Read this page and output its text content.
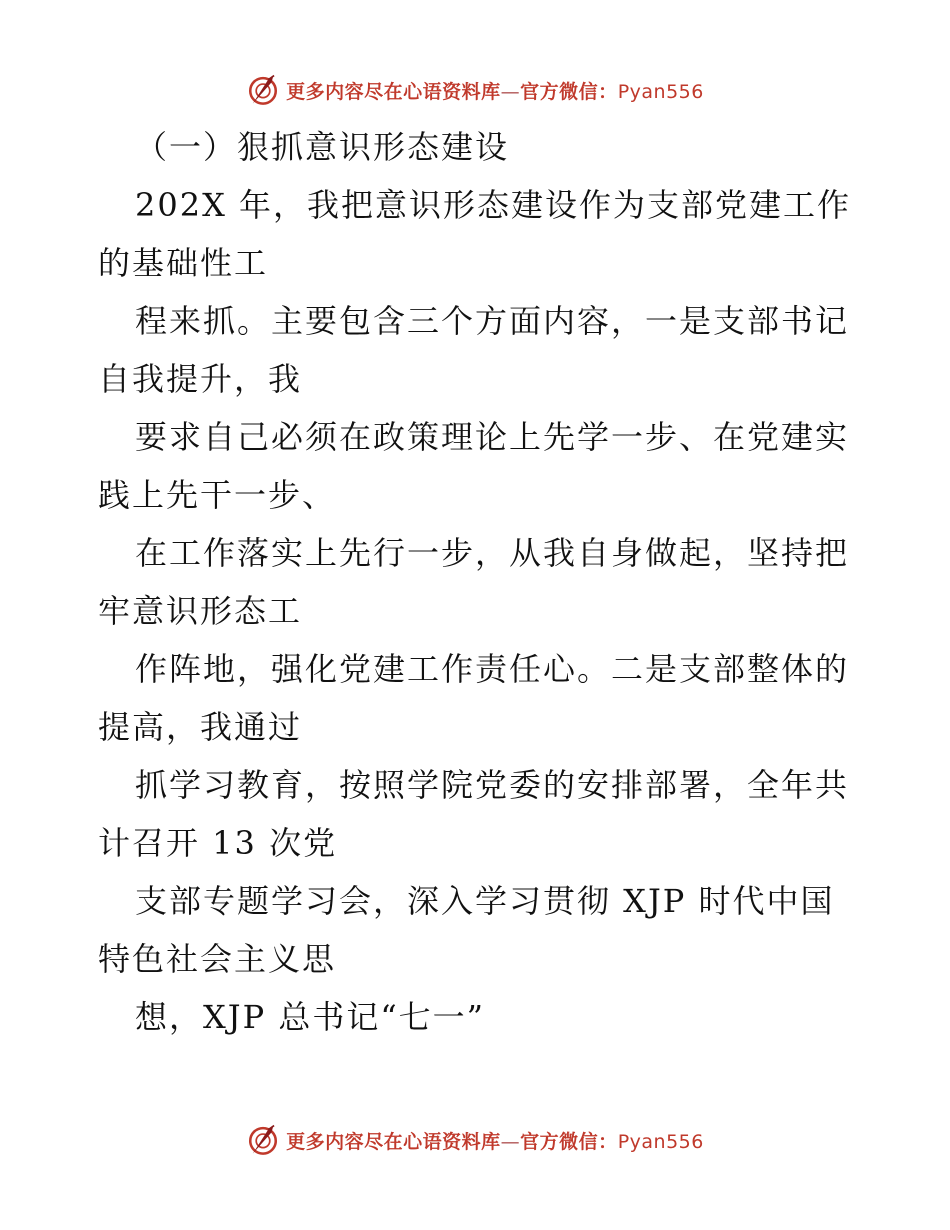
更多内容尽在心语资料库—官方微信：Pyan556
（一）狠抓意识形态建设
202X 年，我把意识形态建设作为支部党建工作
的基础性工
程来抓。主要包含三个方面内容，一是支部书记
自我提升，我
要求自己必须在政策理论上先学一步、在党建实
践上先干一步、
在工作落实上先行一步，从我自身做起，坚持把
牢意识形态工
作阵地，强化党建工作责任心。二是支部整体的
提高，我通过
抓学习教育，按照学院党委的安排部署，全年共
计召开 13 次党
支部专题学习会，深入学习贯彻 XJP 时代中国
特色社会主义思
想，XJP 总书记“七一”
更多内容尽在心语资料库—官方微信：Pyan556
